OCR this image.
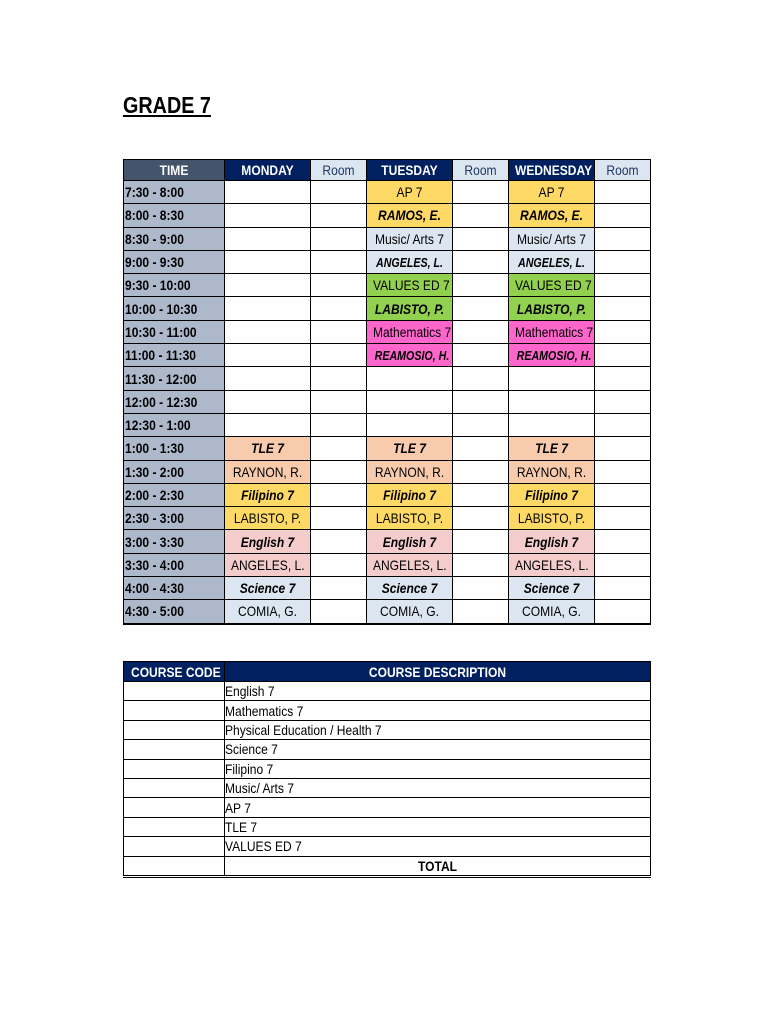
GRADE 7
TIME	MONDAY	Room	TUESDAY	Room	WEDNESDAY	Room

7:30 - 8:00			AP 7		AP 7	

8:00 - 8:30			RAMOS, E.		RAMOS, E.	

8:30 - 9:00			Music/ Arts 7		Music/ Arts 7	

9:00 - 9:30			ANGELES, L.		ANGELES, L.	

9:30 - 10:00			VALUES ED 7		VALUES ED 7	

10:00 - 10:30			LABISTO, P.		LABISTO, P.	

10:30 - 11:00			Mathematics 7		Mathematics 7	

11:00 - 11:30			REAMOSIO, H.		REAMOSIO, H.	

11:30 - 12:00						

12:00 - 12:30						

12:30 - 1:00						

1:00 - 1:30	TLE 7		TLE 7		TLE 7	

1:30 - 2:00	RAYNON, R.		RAYNON, R.		RAYNON, R.	

2:00 - 2:30	Filipino 7		Filipino 7		Filipino 7	

2:30 - 3:00	LABISTO, P.		LABISTO, P.		LABISTO, P.	

3:00 - 3:30	English 7		English 7		English 7	

3:30 - 4:00	ANGELES, L.		ANGELES, L.		ANGELES, L.	

4:00 - 4:30	Science 7		Science 7		Science 7	

4:30 - 5:00	COMIA, G.		COMIA, G.		COMIA, G.	

COURSE CODE	COURSE DESCRIPTION

	English 7

	Mathematics 7

	Physical Education / Health 7

	Science 7

	Filipino 7

	Music/ Arts 7

	AP 7

	TLE 7

	VALUES ED 7

	TOTAL
